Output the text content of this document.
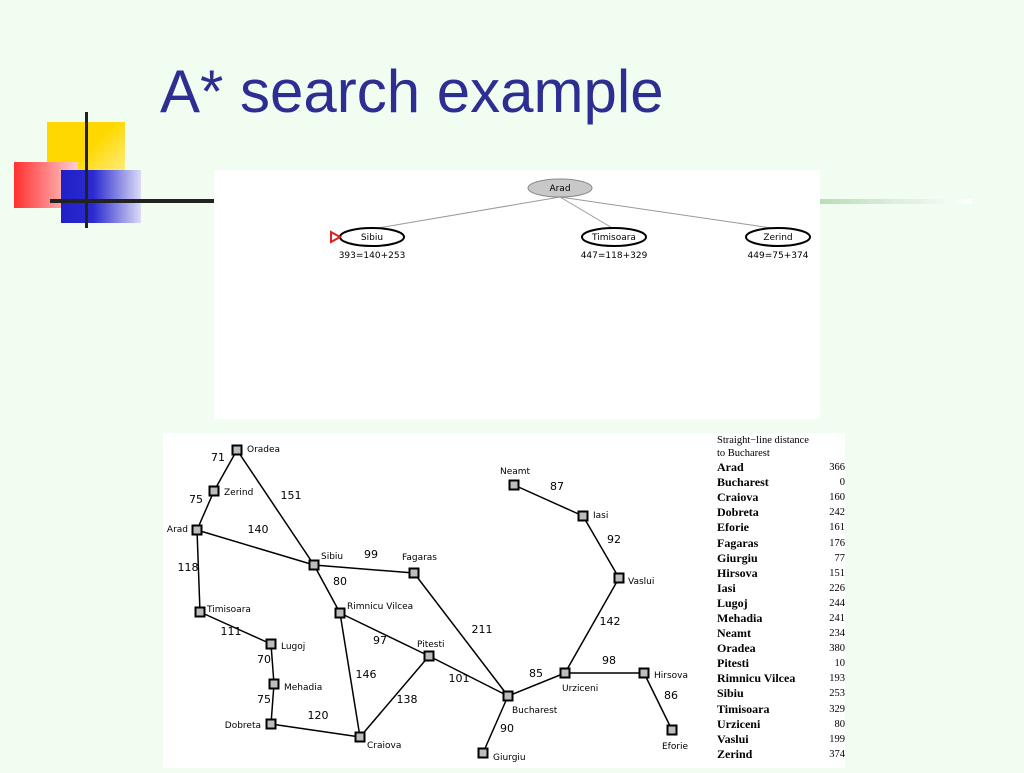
A* search example
Arad
Sibiu
393=140+253
Timisoara
447=118+329
Zerind
449=75+374
71
75	151
140
118
111
70
75
120
99
80
97
146
138
211
101
90
85
98
86
142
92
87
Oradea
Zerind
Arad
Timisoara
Lugoj
Mehadia
Dobreta
Craiova
Sibiu
Rimnicu Vilcea
Fagaras
Pitesti
Bucharest
Giurgiu
Urziceni
Hirsova
Eforie
Vaslui
Iasi
Neamt
Straight−line distance
to Bucharest
Arad	366
Bucharest	0
Craiova	160
Dobreta	242
Eforie	161
Fagaras	176
Giurgiu	77
Hirsova	151
Iasi	226
Lugoj	244
Mehadia	241
Neamt	234
Oradea	380
Pitesti	10
Rimnicu Vilcea	193
Sibiu	253
Timisoara	329
Urziceni	80
Vaslui	199
Zerind	374
